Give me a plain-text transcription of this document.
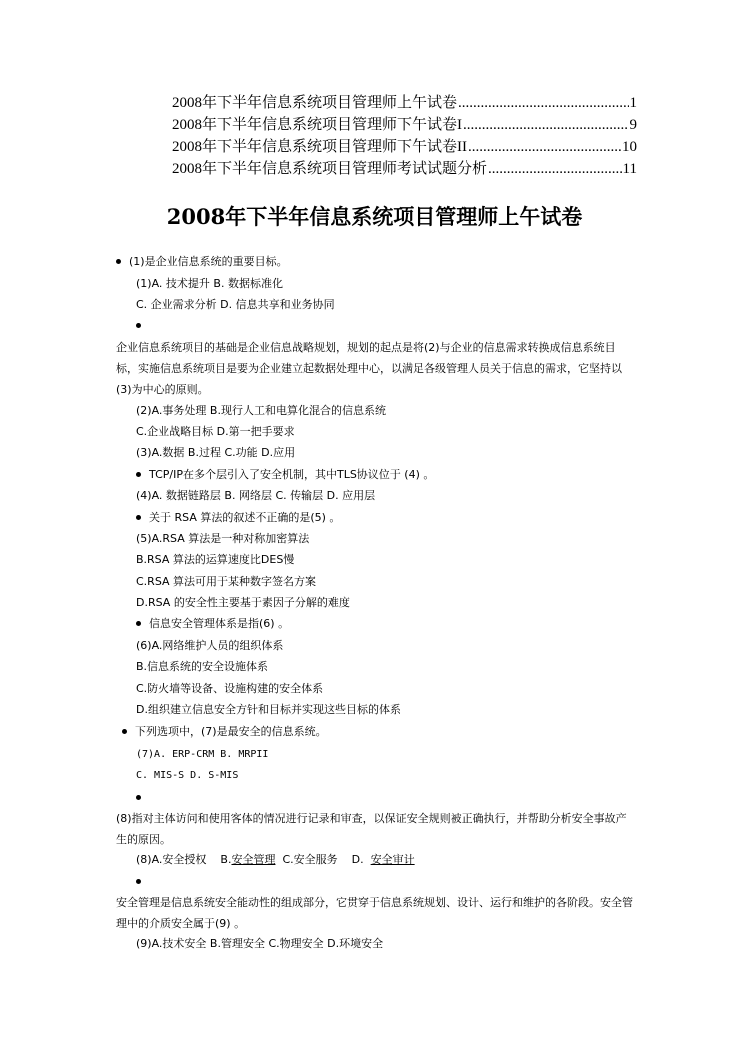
2008年下半年信息系统项目管理师上午试卷 .....	1
2008年下半年信息系统项目管理师下午试卷I .....	9
2008年下半年信息系统项目管理师下午试卷II .....	10
2008年下半年信息系统项目管理师考试试题分析 .....	11
2008年下半年信息系统项目管理师上午试卷
(1)是企业信息系统的重要目标。
(1)A. 技术提升 B. 数据标准化
C. 企业需求分析 D. 信息共享和业务协同
企业信息系统项目的基础是企业信息战略规划，规划的起点是将(2)与企业的信息需求转换成信息系统目标，实施信息系统项目是要为企业建立起数据处理中心，以满足各级管理人员关于信息的需求，它坚持以(3)为中心的原则。
(2)A.事务处理 B.现行人工和电算化混合的信息系统
C.企业战略目标 D.第一把手要求
(3)A.数据 B.过程 C.功能 D.应用
TCP/IP在多个层引入了安全机制，其中TLS协议位于 (4) 。
(4)A. 数据链路层 B. 网络层 C. 传输层 D. 应用层
关于 RSA 算法的叙述不正确的是(5) 。
(5)A.RSA 算法是一种对称加密算法
B.RSA 算法的运算速度比DES慢
C.RSA 算法可用于某种数字签名方案
D.RSA 的安全性主要基于素因子分解的难度
信息安全管理体系是指(6) 。
(6)A.网络维护人员的组织体系
B.信息系统的安全设施体系
C.防火墙等设备、设施构建的安全体系
D.组织建立信息安全方针和目标并实现这些目标的体系
下列选项中，(7)是最安全的信息系统。
(7)A. ERP-CRM B. MRPII
C. MIS-S D. S-MIS
(8)指对主体访问和使用客体的情况进行记录和审查，以保证安全规则被正确执行，并帮助分析安全事故产生的原因。
(8)A.安全授权 B.安全管理 C.安全服务 D. 安全审计
安全管理是信息系统安全能动性的组成部分，它贯穿于信息系统规划、设计、运行和维护的各阶段。安全管理中的介质安全属于(9) 。
(9)A.技术安全 B.管理安全 C.物理安全 D.环境安全
